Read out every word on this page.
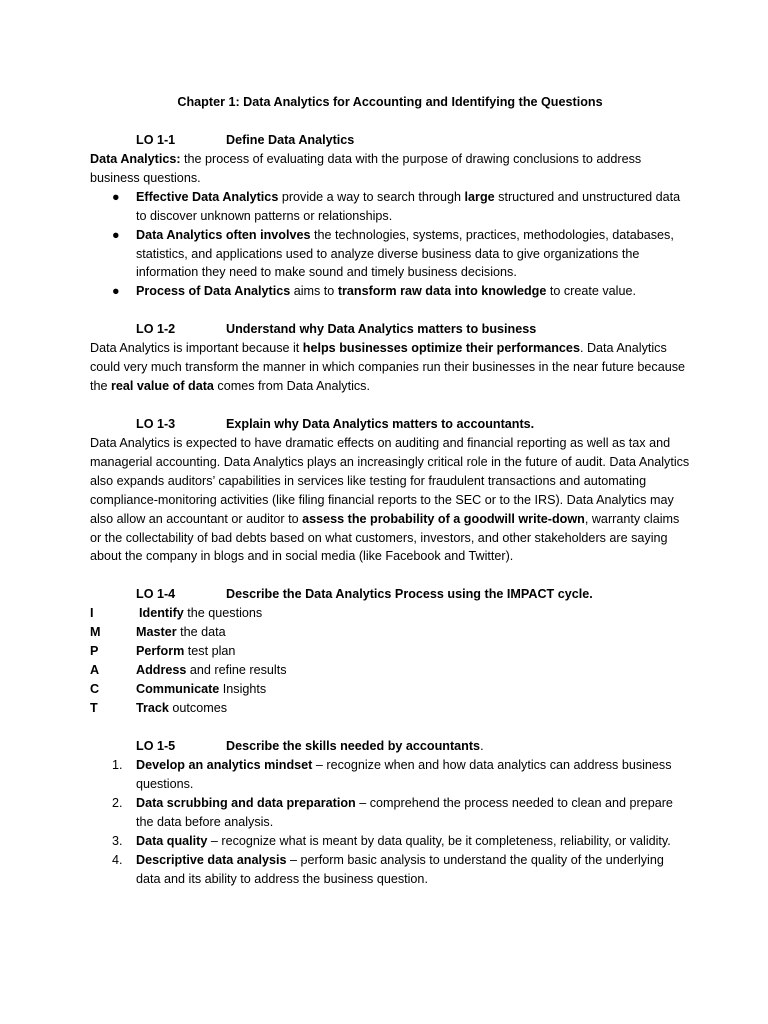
Chapter 1: Data Analytics for Accounting and Identifying the Questions
LO 1-1	Define Data Analytics

Data Analytics: the process of evaluating data with the purpose of drawing conclusions to address business questions.

● Effective Data Analytics provide a way to search through large structured and unstructured data to discover unknown patterns or relationships.
● Data Analytics often involves the technologies, systems, practices, methodologies, databases, statistics, and applications used to analyze diverse business data to give organizations the information they need to make sound and timely business decisions.
● Process of Data Analytics aims to transform raw data into knowledge to create value.
LO 1-2	Understand why Data Analytics matters to business

Data Analytics is important because it helps businesses optimize their performances. Data Analytics could very much transform the manner in which companies run their businesses in the near future because the real value of data comes from Data Analytics.

LO 1-3	Explain why Data Analytics matters to accountants.

Data Analytics is expected to have dramatic effects on auditing and financial reporting as well as tax and managerial accounting. Data Analytics plays an increasingly critical role in the future of audit. Data Analytics also expands auditors’ capabilities in services like testing for fraudulent transactions and automating compliance-monitoring activities (like filing financial reports to the SEC or to the IRS). Data Analytics may also allow an accountant or auditor to assess the probability of a goodwill write-down, warranty claims or the collectability of bad debts based on what customers, investors, and other stakeholders are saying about the company in blogs and in social media (like Facebook and Twitter).

LO 1-4	Describe the Data Analytics Process using the IMPACT cycle.
I	Identify the questions
M	Master the data
P	Perform test plan
A	Address and refine results
C	Communicate Insights
T	Track outcomes
LO 1-5	Describe the skills needed by accountants.
1. Develop an analytics mindset – recognize when and how data analytics can address business questions.
2. Data scrubbing and data preparation – comprehend the process needed to clean and prepare the data before analysis.
3. Data quality – recognize what is meant by data quality, be it completeness, reliability, or validity.
4. Descriptive data analysis – perform basic analysis to understand the quality of the underlying data and its ability to address the business question.
